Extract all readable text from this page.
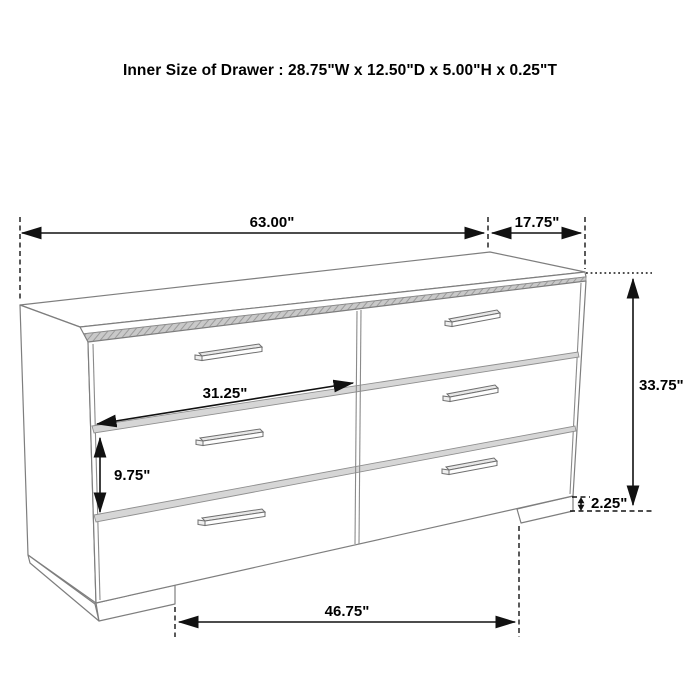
Inner Size of Drawer : 28.75"W x 12.50"D x 5.00"H x 0.25"T
63.00"	17.75"
31.25"
9.75"
33.75"
2.25"
46.75"
